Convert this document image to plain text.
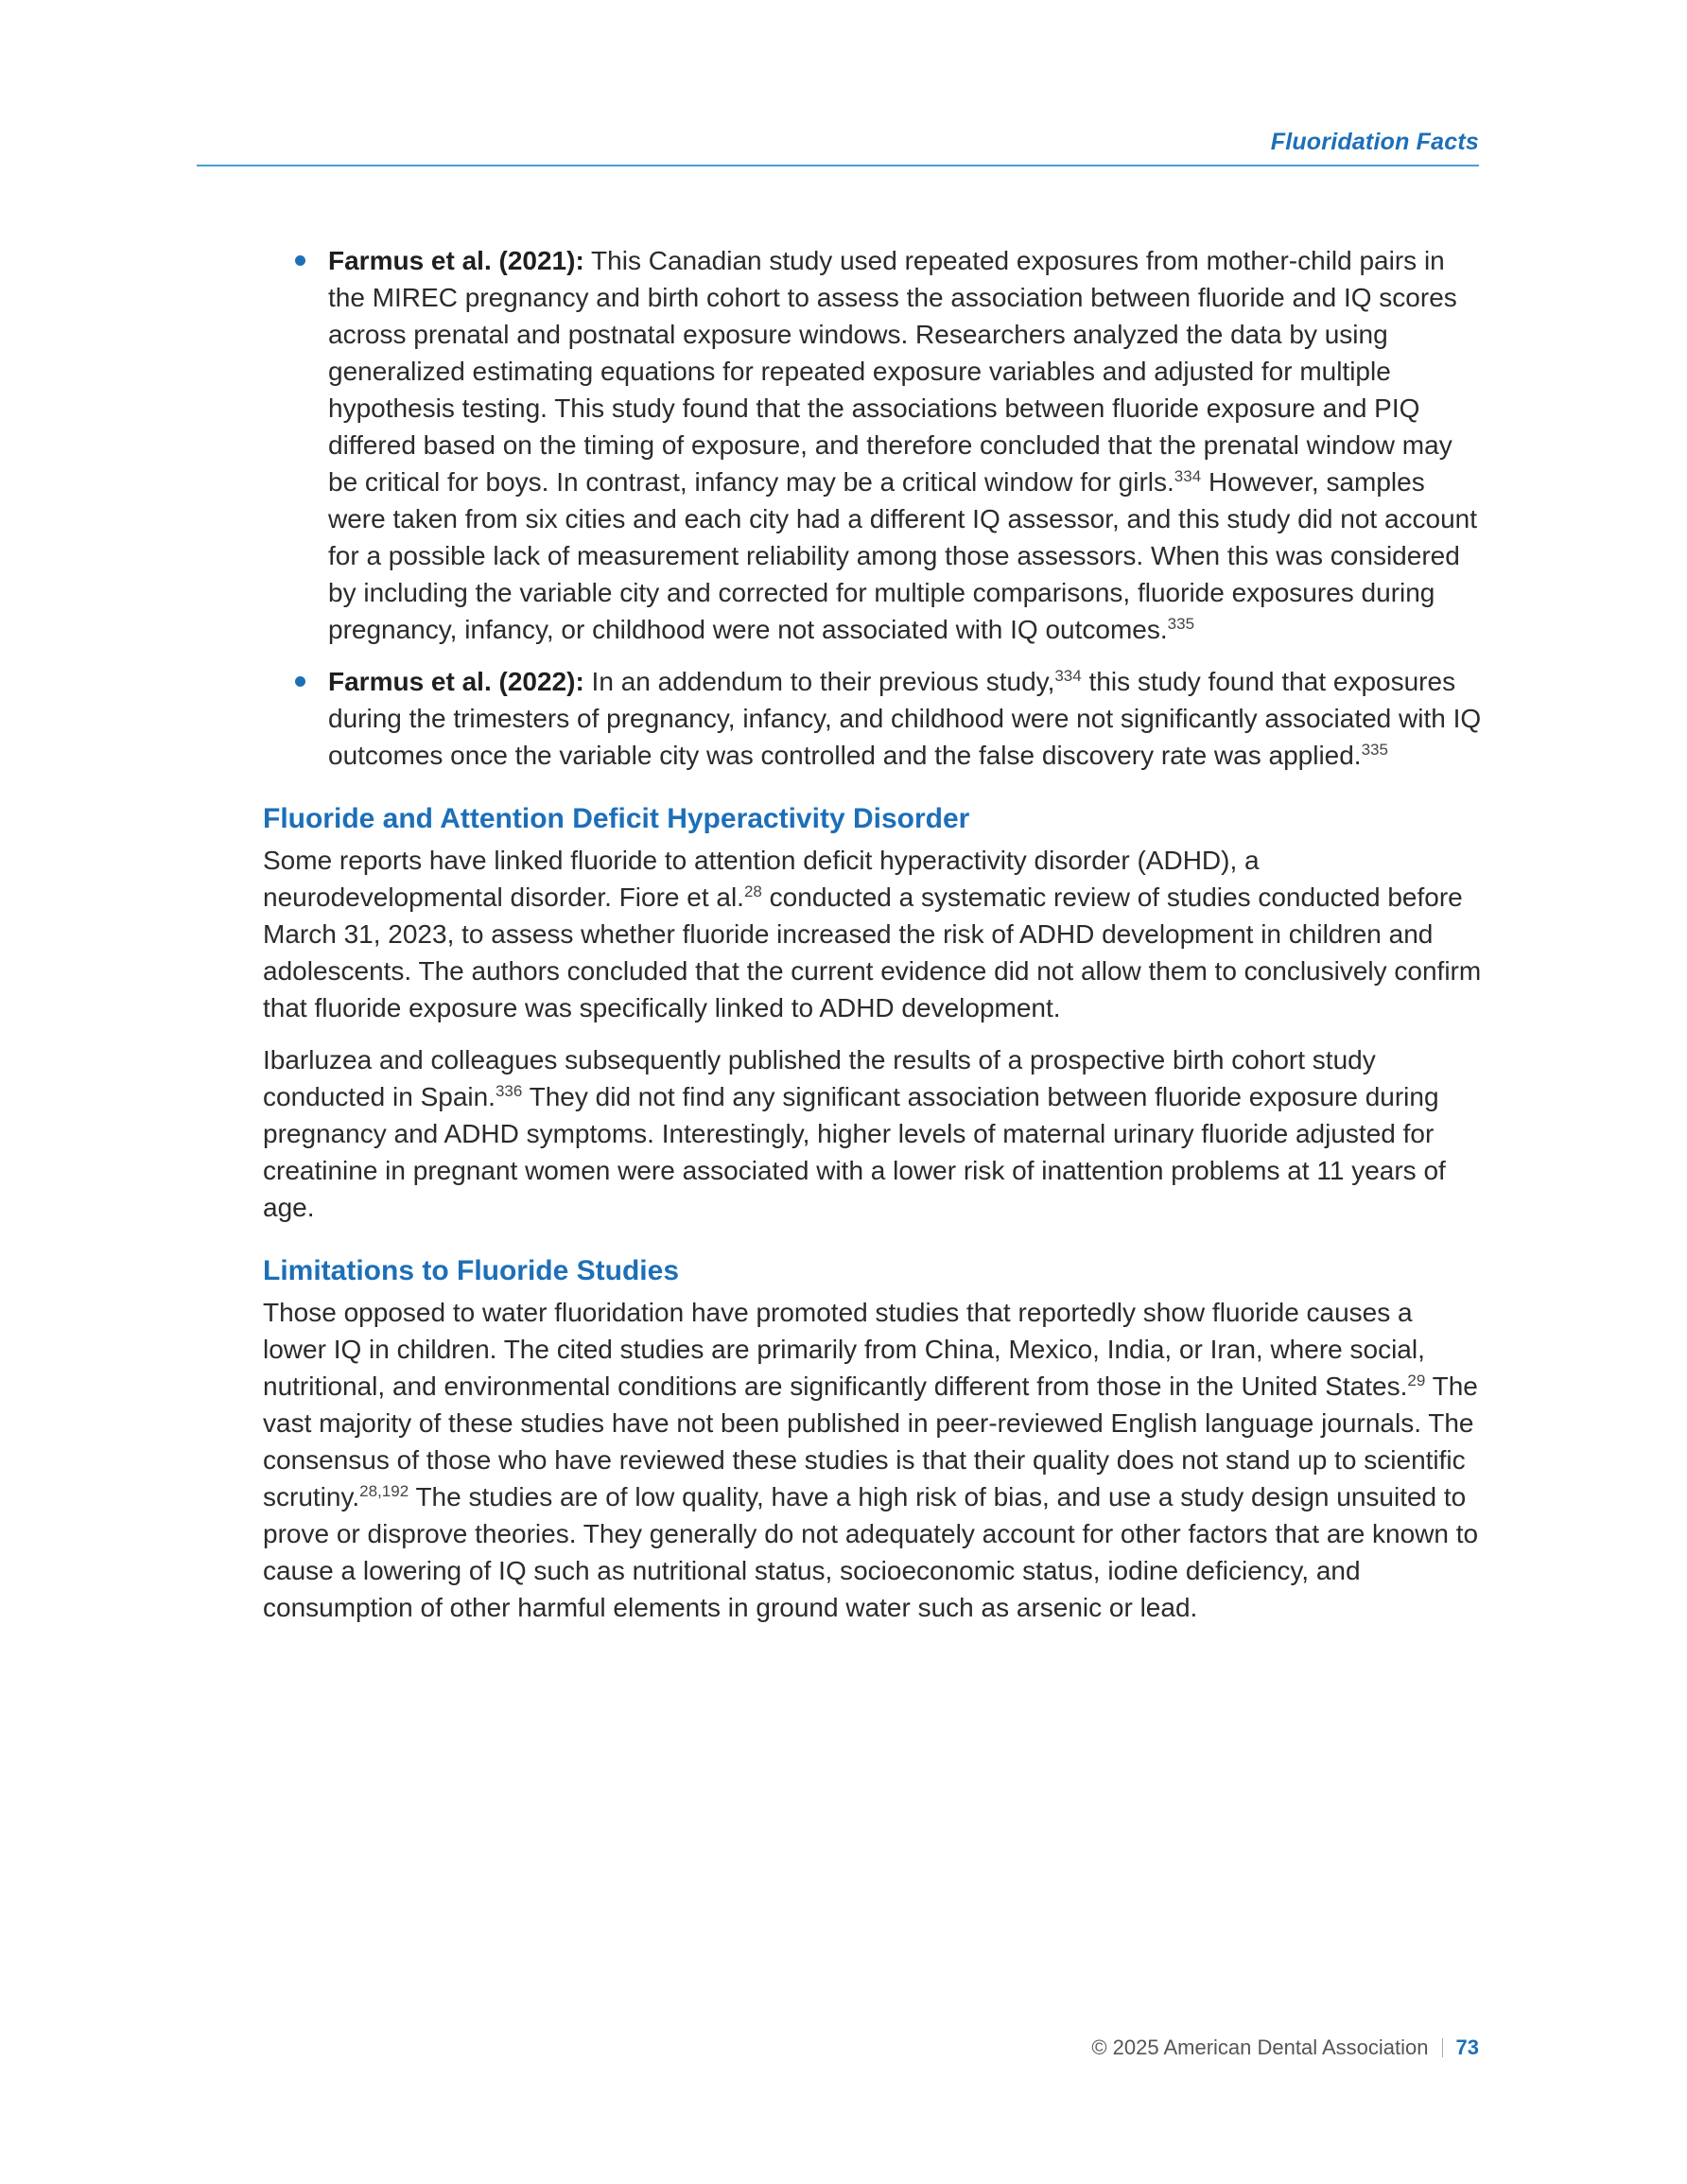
Fluoridation Facts
Farmus et al. (2021): This Canadian study used repeated exposures from mother-child pairs in the MIREC pregnancy and birth cohort to assess the association between fluoride and IQ scores across prenatal and postnatal exposure windows. Researchers analyzed the data by using generalized estimating equations for repeated exposure variables and adjusted for multiple hypothesis testing. This study found that the associations between fluoride exposure and PIQ differed based on the timing of exposure, and therefore concluded that the prenatal window may be critical for boys. In contrast, infancy may be a critical window for girls.$^{334}$ However, samples were taken from six cities and each city had a different IQ assessor, and this study did not account for a possible lack of measurement reliability among those assessors. When this was considered by including the variable city and corrected for multiple comparisons, fluoride exposures during pregnancy, infancy, or childhood were not associated with IQ outcomes.$^{335}$
Farmus et al. (2022): In an addendum to their previous study,$^{334}$ this study found that exposures during the trimesters of pregnancy, infancy, and childhood were not significantly associated with IQ outcomes once the variable city was controlled and the false discovery rate was applied.$^{335}$
Fluoride and Attention Deficit Hyperactivity Disorder

Some reports have linked fluoride to attention deficit hyperactivity disorder (ADHD), a neurodevelopmental disorder. Fiore et al.$^{28}$ conducted a systematic review of studies conducted before March 31, 2023, to assess whether fluoride increased the risk of ADHD development in children and adolescents. The authors concluded that the current evidence did not allow them to conclusively confirm that fluoride exposure was specifically linked to ADHD development.

Ibarluzea and colleagues subsequently published the results of a prospective birth cohort study conducted in Spain.$^{336}$ They did not find any significant association between fluoride exposure during pregnancy and ADHD symptoms. Interestingly, higher levels of maternal urinary fluoride adjusted for creatinine in pregnant women were associated with a lower risk of inattention problems at 11 years of age.

Limitations to Fluoride Studies

Those opposed to water fluoridation have promoted studies that reportedly show fluoride causes a lower IQ in children. The cited studies are primarily from China, Mexico, India, or Iran, where social, nutritional, and environmental conditions are significantly different from those in the United States.$^{29}$ The vast majority of these studies have not been published in peer-reviewed English language journals. The consensus of those who have reviewed these studies is that their quality does not stand up to scientific scrutiny.$^{28,192}$ The studies are of low quality, have a high risk of bias, and use a study design unsuited to prove or disprove theories. They generally do not adequately account for other factors that are known to cause a lowering of IQ such as nutritional status, socioeconomic status, iodine deficiency, and consumption of other harmful elements in ground water such as arsenic or lead.

© 2025 American Dental Association 73
